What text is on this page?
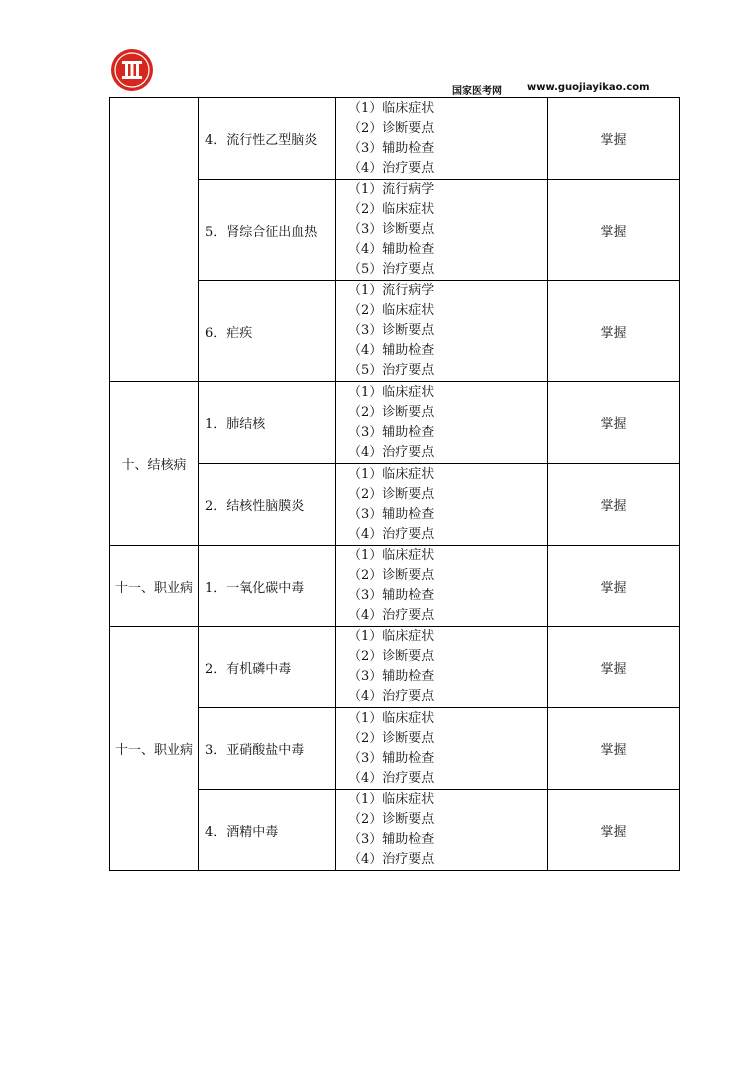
国家医考网	www.guojiayikao.com
	4．流行性乙型脑炎	（1）临床症状
（2）诊断要点
（3）辅助检查
（4）治疗要点	掌握
	5．肾综合征出血热	（1）流行病学
（2）临床症状
（3）诊断要点
（4）辅助检查
（5）治疗要点	掌握
	6．疟疾	（1）流行病学
（2）临床症状
（3）诊断要点
（4）辅助检查
（5）治疗要点	掌握
十、结核病	1．肺结核	（1）临床症状
（2）诊断要点
（3）辅助检查
（4）治疗要点	掌握
	2．结核性脑膜炎	（1）临床症状
（2）诊断要点
（3）辅助检查
（4）治疗要点	掌握
十一、职业病	1．一氧化碳中毒	（1）临床症状
（2）诊断要点
（3）辅助检查
（4）治疗要点	掌握
十一、职业病	2．有机磷中毒	（1）临床症状
（2）诊断要点
（3）辅助检查
（4）治疗要点	掌握
	3．亚硝酸盐中毒	（1）临床症状
（2）诊断要点
（3）辅助检查
（4）治疗要点	掌握
	4．酒精中毒	（1）临床症状
（2）诊断要点
（3）辅助检查
（4）治疗要点	掌握
